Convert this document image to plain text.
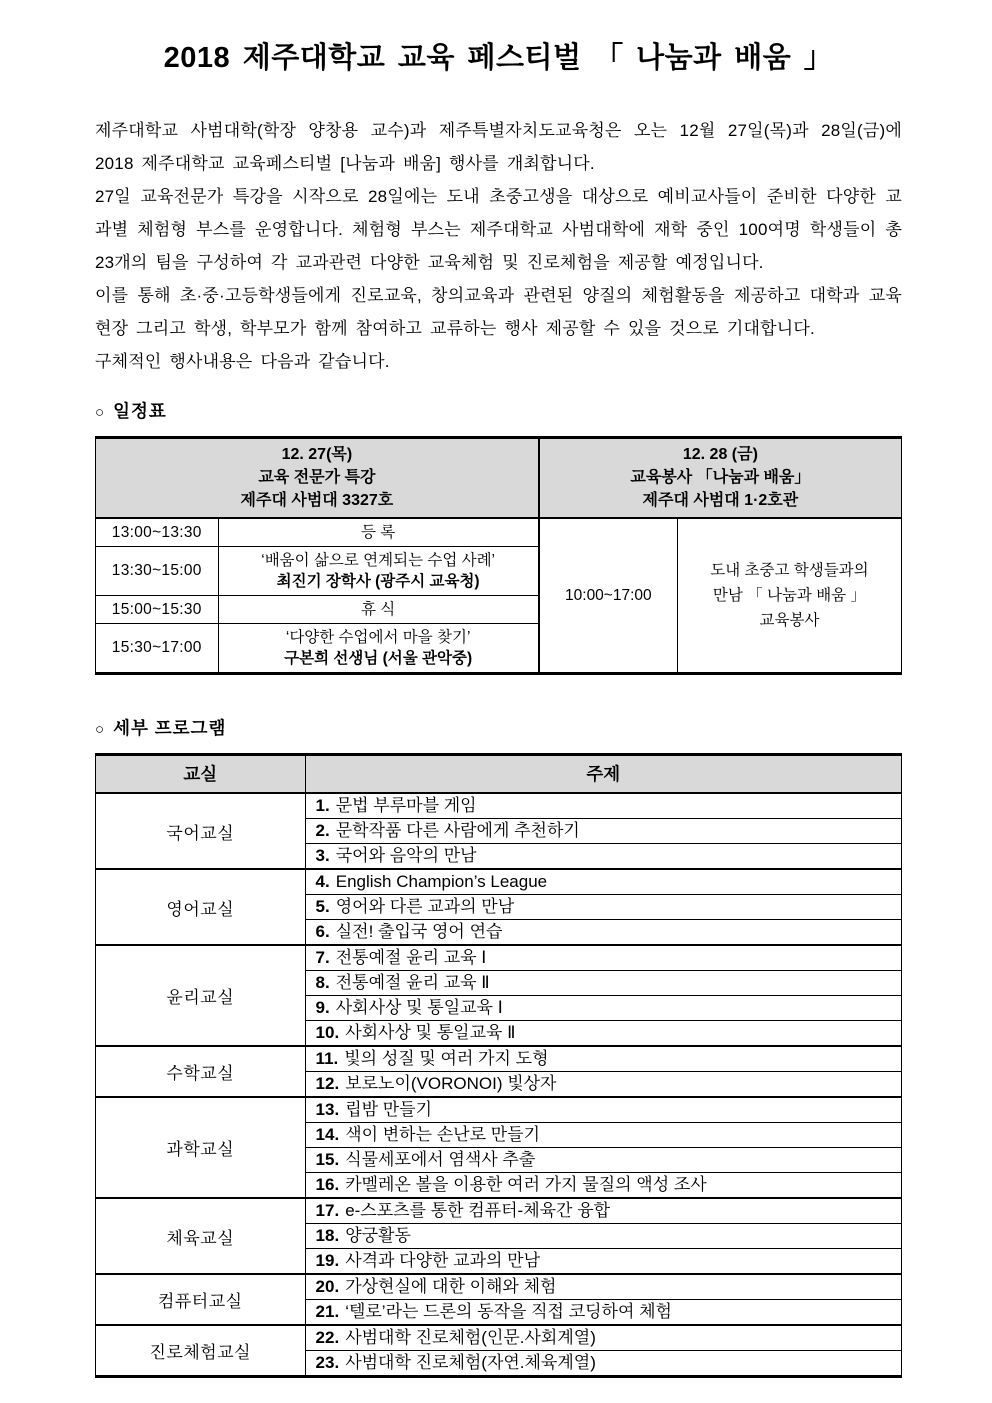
2018 제주대학교 교육 페스티벌 「 나눔과 배움 」

제주대학교 사범대학(학장 양창용 교수)과 제주특별자치도교육청은 오는 12월 27일(목)과 28일(금)에 2018 제주대학교 교육페스티벌 [나눔과 배움] 행사를 개최합니다.

27일 교육전문가 특강을 시작으로 28일에는 도내 초중고생을 대상으로 예비교사들이 준비한 다양한 교과별 체험형 부스를 운영합니다. 체험형 부스는 제주대학교 사범대학에 재학 중인 100여명 학생들이 총 23개의 팀을 구성하여 각 교과관련 다양한 교육체험 및 진로체험을 제공할 예정입니다.

이를 통해 초·중·고등학생들에게 진로교육, 창의교육과 관련된 양질의 체험활동을 제공하고 대학과 교육현장 그리고 학생, 학부모가 함께 참여하고 교류하는 행사 제공할 수 있을 것으로 기대합니다.

구체적인 행사내용은 다음과 같습니다.

○ 일정표
12. 27(목)
교육 전문가 특강
제주대 사범대 3327호

12. 28 (금)
교육봉사 「나눔과 배움」
제주대 사범대 1·2호관

13:00~13:30	등 록	10:00~17:00	도내 초중고 학생들과의
만남 「 나눔과 배움 」
교육봉사

13:30~15:00	‘배움이 삶으로 연계되는 수업 사례’
최진기 장학사 (광주시 교육청)		

15:00~15:30	휴 식		
15:30~17:00	‘다양한 수업에서 마을 찾기’
구본희 선생님 (서울 관악중)		
○ 세부 프로그램
교실	주제
국어교실	1. 문법 부루마블 게임
	2. 문학작품 다른 사람에게 추천하기
	3. 국어와 음악의 만남
영어교실	4. English Champion’s League
	5. 영어와 다른 교과의 만남
	6. 실전! 출입국 영어 연습
윤리교실	7. 전통예절 윤리 교육 Ⅰ
	8. 전통예절 윤리 교육 Ⅱ
	9. 사회사상 및 통일교육 Ⅰ
	10. 사회사상 및 통일교육 Ⅱ
수학교실	11. 빛의 성질 및 여러 가지 도형
	12. 보로노이(VORONOI) 빛상자
과학교실	13. 립밤 만들기
	14. 색이 변하는 손난로 만들기
	15. 식물세포에서 염색사 추출
	16. 카멜레온 볼을 이용한 여러 가지 물질의 액성 조사
체육교실	17. e-스포츠를 통한 컴퓨터-체육간 융합
	18. 양궁활동
	19. 사격과 다양한 교과의 만남
컴퓨터교실	20. 가상현실에 대한 이해와 체험
	21. ‘텔로’라는 드론의 동작을 직접 코딩하여 체험
진로체험교실	22. 사범대학 진로체험(인문.사회계열)
	23. 사범대학 진로체험(자연.체육계열)
